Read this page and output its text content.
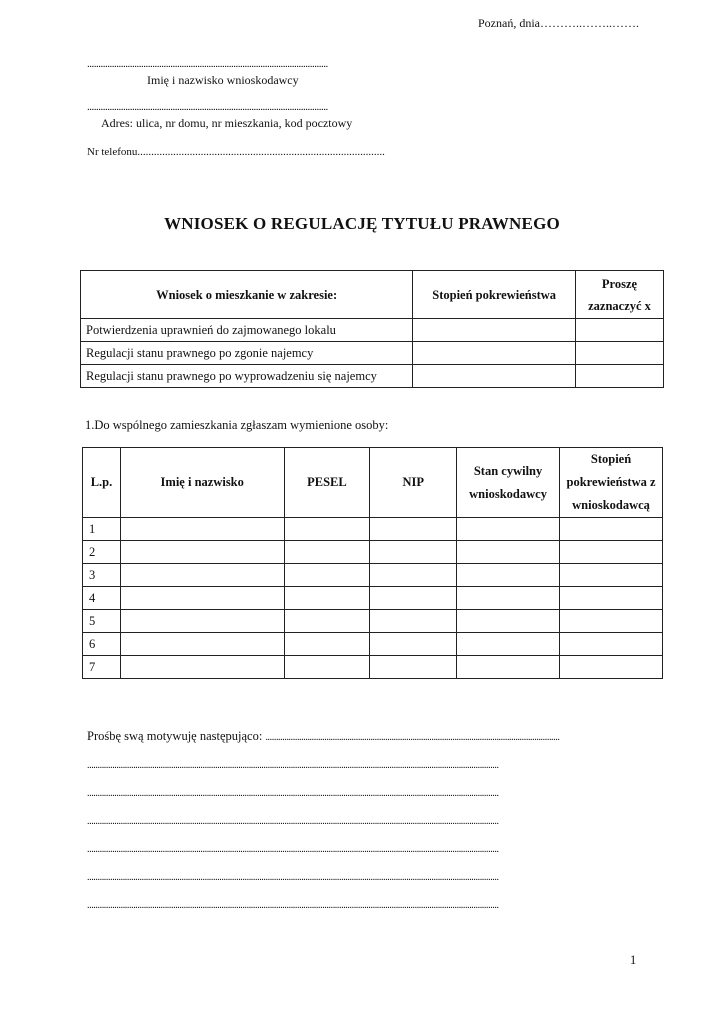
Poznań, dnia………..……..…….
...........................................................................................................
Imię i nazwisko wnioskodawcy
...........................................................................................................
Adres: ulica, nr domu, nr mieszkania, kod pocztowy
Nr telefonu..........................................................................................
WNIOSEK O REGULACJĘ TYTUŁU PRAWNEGO
Wniosek o mieszkanie w zakresie:	Stopień pokrewieństwa	Proszę zaznaczyć x
Potwierdzenia uprawnień do zajmowanego lokalu		
Regulacji stanu prawnego po zgonie najemcy		
Regulacji stanu prawnego po wyprowadzeniu się najemcy		
1.Do wspólnego zamieszkania zgłaszam wymienione osoby:
L.p.	Imię i nazwisko	PESEL	NIP	Stan cywilny wnioskodawcy	Stopień pokrewieństwa z wnioskodawcą
1					
2					
3					
4					
5					
6					
7					
Prośbę swą motywuję następująco: ............................................................................................................................................
....................................................................................................................................................................................................
....................................................................................................................................................................................................
....................................................................................................................................................................................................
....................................................................................................................................................................................................
....................................................................................................................................................................................................
....................................................................................................................................................................................................
1
